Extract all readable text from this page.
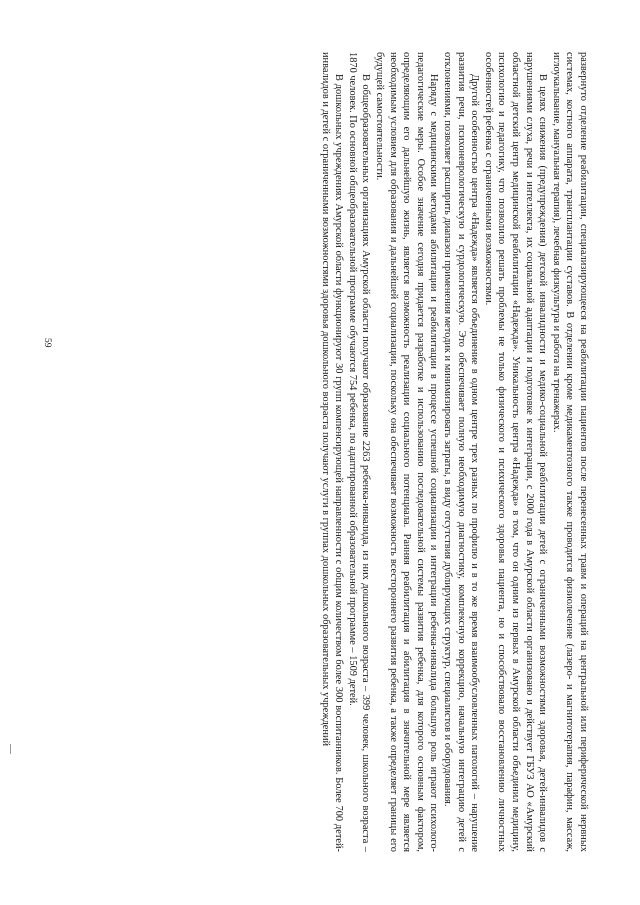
59	развернуто отделение реабилитации, специализирующееся на реабилитации пациентов после перенесенных травм и операций на центральной или периферической нервных системах, костного аппарата, трансплантации суставов. В отделении кроме медикаментозного также проводится физиолечение (лазеро- и магнитотерапия, парафин, массаж, иглоукалывание, мануальная терапия), лечебная физкультура и работа на тренажерах.

В целях снижения (предупреждения) детской инвалидности и медико-социальной реабилитации детей с ограниченными возможностями здоровья, детей-инвалидов с нарушениями слуха, речи и интеллекта, их социальной адаптации и подготовке к интеграции, с 2000 года в Амурской области организовано и действует ГБУЗ АО «Амурский областной детский центр медицинской реабилитации «Надежда». Уникальность центра «Надежда» в том, что он одним из первых в Амурской области объединил медицину, психологию и педагогику, что позволило решать проблемы не только физического и психического здоровья пациента, но и способствовало восстановлению личностных особенностей ребенка с ограниченными возможностями.

Другой особенностью центра «Надежда» является объединение в одном центре трех разных по профилю и в то же время взаимообусловленных патологий – нарушение развития речи, психоневрологическую и сурдологическую. Это обеспечивает полную необходимую диагностику, комплексную коррекцию, начальную интеграцию детей с отклонениями, позволяет расширить диапазон применения методик и минимизировать затраты, в виду отсутствия дублирующих структур, специалистов и оборудования.

Наряду с медицинскими методами абилитации и реабилитации в процессе успешной социализации и интеграции ребенка-инвалида большую роль играют психолого-педагогические меры. Особое значение сегодня придается разработке и использованию последовательной системы развития ребенка, для которого основным фактором, определяющим его дальнейшую жизнь, является возможность реализации социального потенциала. Ранняя реабилитация и абилитация в значительной мере является необходимым условием для образования и дальнейшей социализации, поскольку она обеспечивает возможность всестороннего развития ребенка, а также определяет границы его будущей самостоятельности.

В общеобразовательных организациях Амурской области получают образование 2263 ребенка-инвалида, из них дошкольного возраста – 399 человек, школьного возраста – 1870 человек. По основной общеобразовательной программе обучаются 754 ребенка, по адаптированной образовательной программе – 1509 детей.

В дошкольных учреждениях Амурской области функционируют 30 групп компенсирующей направленности с общим количеством более 300 воспитанников. Более 700 детей-инвалидов и детей с ограниченными возможностями здоровья дошкольного возраста получают услуги в группах дошкольных образовательных учреждений
